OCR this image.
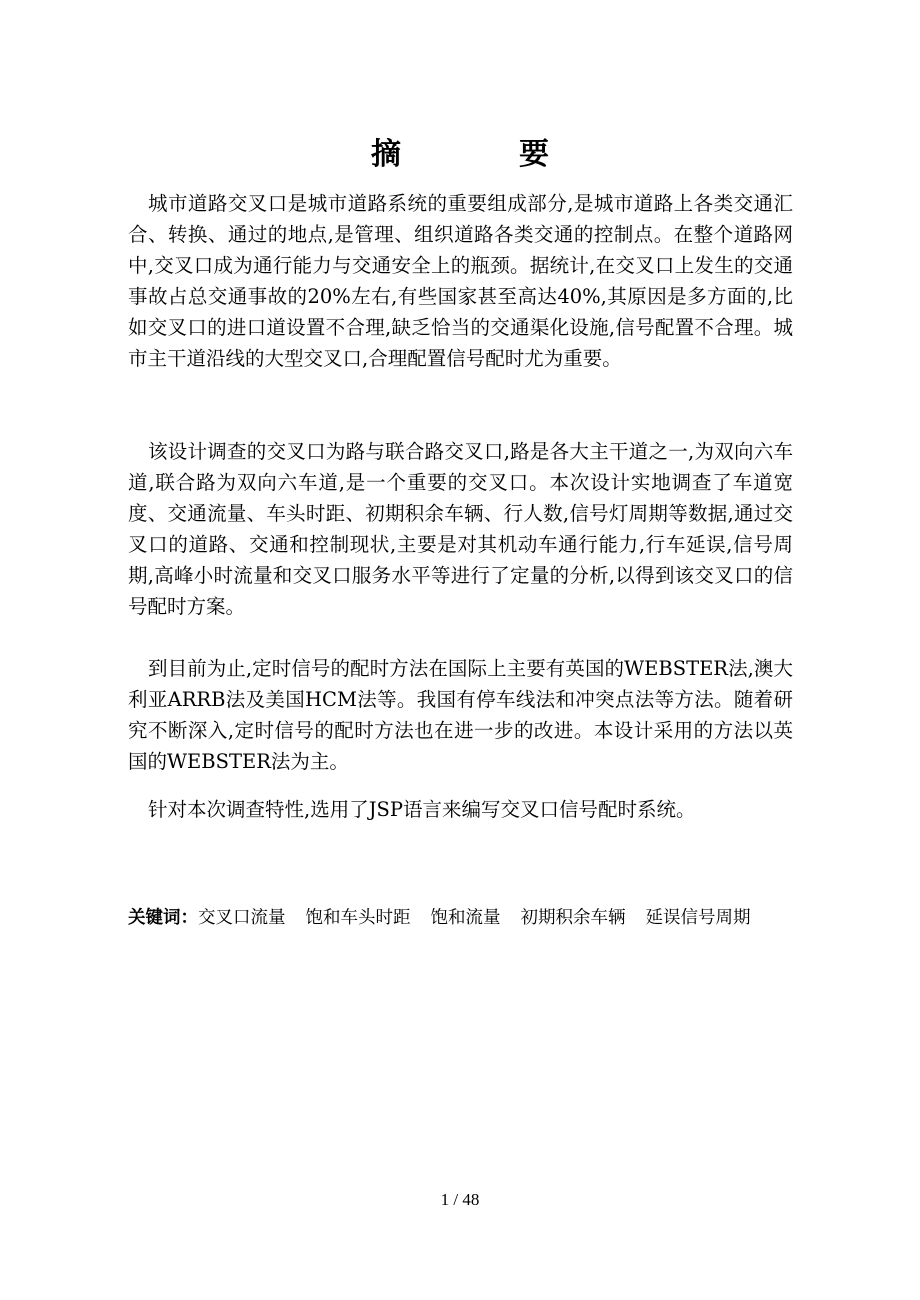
摘　要

城市道路交叉口是城市道路系统的重要组成部分,是城市道路上各类交通汇合、转换、通过的地点,是管理、组织道路各类交通的控制点。在整个道路网中,交叉口成为通行能力与交通安全上的瓶颈。据统计,在交叉口上发生的交通事故占总交通事故的20%左右,有些国家甚至高达40%,其原因是多方面的,比如交叉口的进口道设置不合理,缺乏恰当的交通渠化设施,信号配置不合理。城市主干道沿线的大型交叉口,合理配置信号配时尤为重要。

该设计调查的交叉口为路与联合路交叉口,路是各大主干道之一,为双向六车道,联合路为双向六车道,是一个重要的交叉口。本次设计实地调查了车道宽度、交通流量、车头时距、初期积余车辆、行人数,信号灯周期等数据,通过交叉口的道路、交通和控制现状,主要是对其机动车通行能力,行车延误,信号周期,高峰小时流量和交叉口服务水平等进行了定量的分析,以得到该交叉口的信号配时方案。

到目前为止,定时信号的配时方法在国际上主要有英国的WEBSTER法,澳大利亚ARRB法及美国HCM法等。我国有停车线法和冲突点法等方法。随着研究不断深入,定时信号的配时方法也在进一步的改进。本设计采用的方法以英国的WEBSTER法为主。

针对本次调查特性,选用了JSP语言来编写交叉口信号配时系统。

关键词：交叉口流量 饱和车头时距 饱和流量 初期积余车辆 延误信号周期
1 / 48
